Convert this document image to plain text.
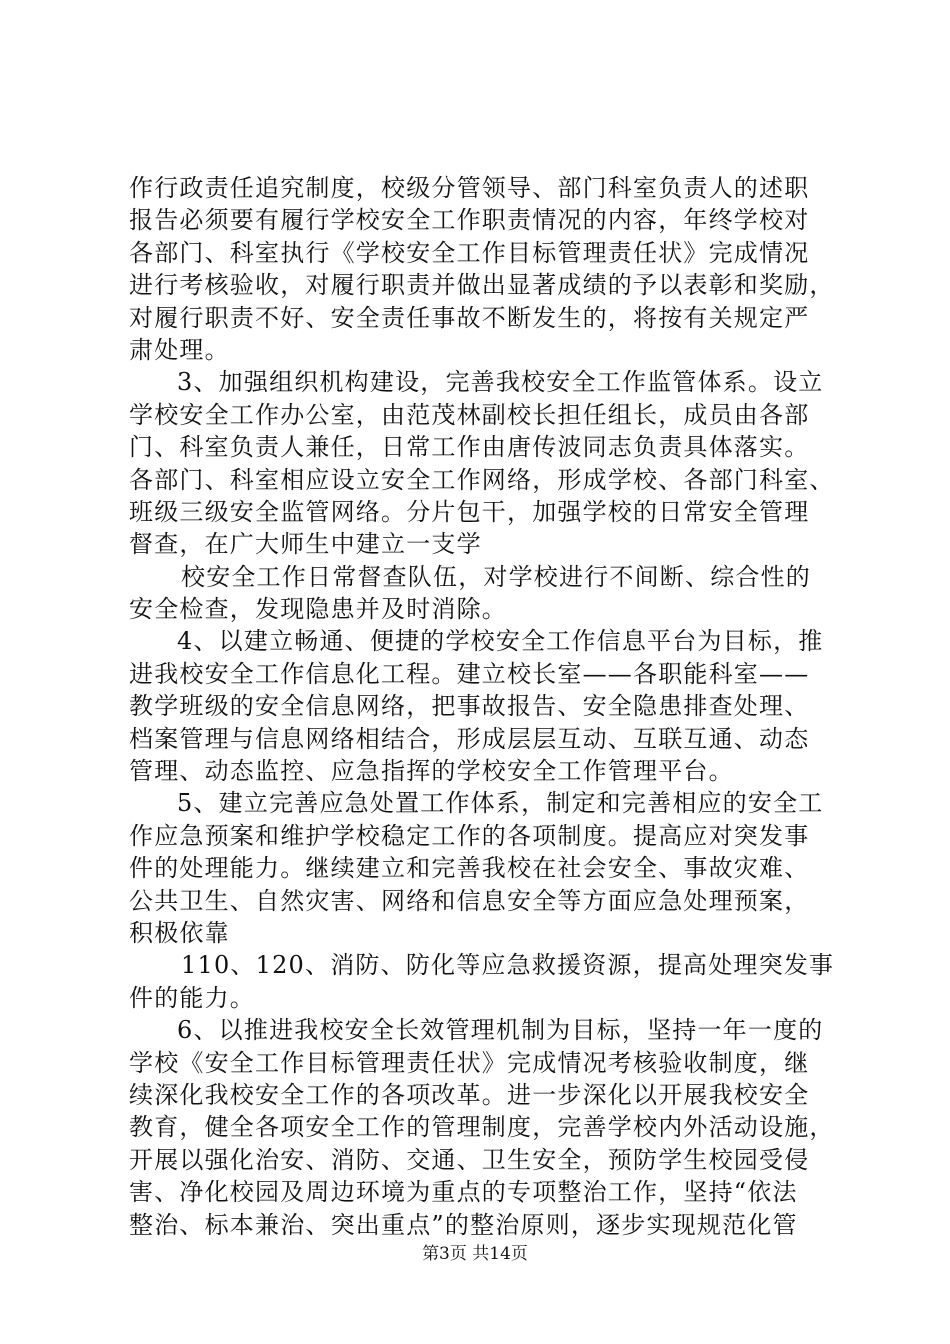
作行政责任追究制度，校级分管领导、部门科室负责人的述职
报告必须要有履行学校安全工作职责情况的内容，年终学校对
各部门、科室执行《学校安全工作目标管理责任状》完成情况
进行考核验收，对履行职责并做出显著成绩的予以表彰和奖励，
对履行职责不好、安全责任事故不断发生的，将按有关规定严
肃处理。
3、加强组织机构建设，完善我校安全工作监管体系。设立
学校安全工作办公室，由范茂林副校长担任组长，成员由各部
门、科室负责人兼任，日常工作由唐传波同志负责具体落实。
各部门、科室相应设立安全工作网络，形成学校、各部门科室、
班级三级安全监管网络。分片包干，加强学校的日常安全管理
督查，在广大师生中建立一支学
校安全工作日常督查队伍，对学校进行不间断、综合性的
安全检查，发现隐患并及时消除。
4、以建立畅通、便捷的学校安全工作信息平台为目标，推
进我校安全工作信息化工程。建立校长室——各职能科室——
教学班级的安全信息网络，把事故报告、安全隐患排查处理、
档案管理与信息网络相结合，形成层层互动、互联互通、动态
管理、动态监控、应急指挥的学校安全工作管理平台。
5、建立完善应急处置工作体系，制定和完善相应的安全工
作应急预案和维护学校稳定工作的各项制度。提高应对突发事
件的处理能力。继续建立和完善我校在社会安全、事故灾难、
公共卫生、自然灾害、网络和信息安全等方面应急处理预案，
积极依靠
110、120、消防、防化等应急救援资源，提高处理突发事
件的能力。
6、以推进我校安全长效管理机制为目标，坚持一年一度的
学校《安全工作目标管理责任状》完成情况考核验收制度，继
续深化我校安全工作的各项改革。进一步深化以开展我校安全
教育，健全各项安全工作的管理制度，完善学校内外活动设施，
开展以强化治安、消防、交通、卫生安全，预防学生校园受侵
害、净化校园及周边环境为重点的专项整治工作，坚持“依法
整治、标本兼治、突出重点”的整治原则，逐步实现规范化管
第3页 共14页
